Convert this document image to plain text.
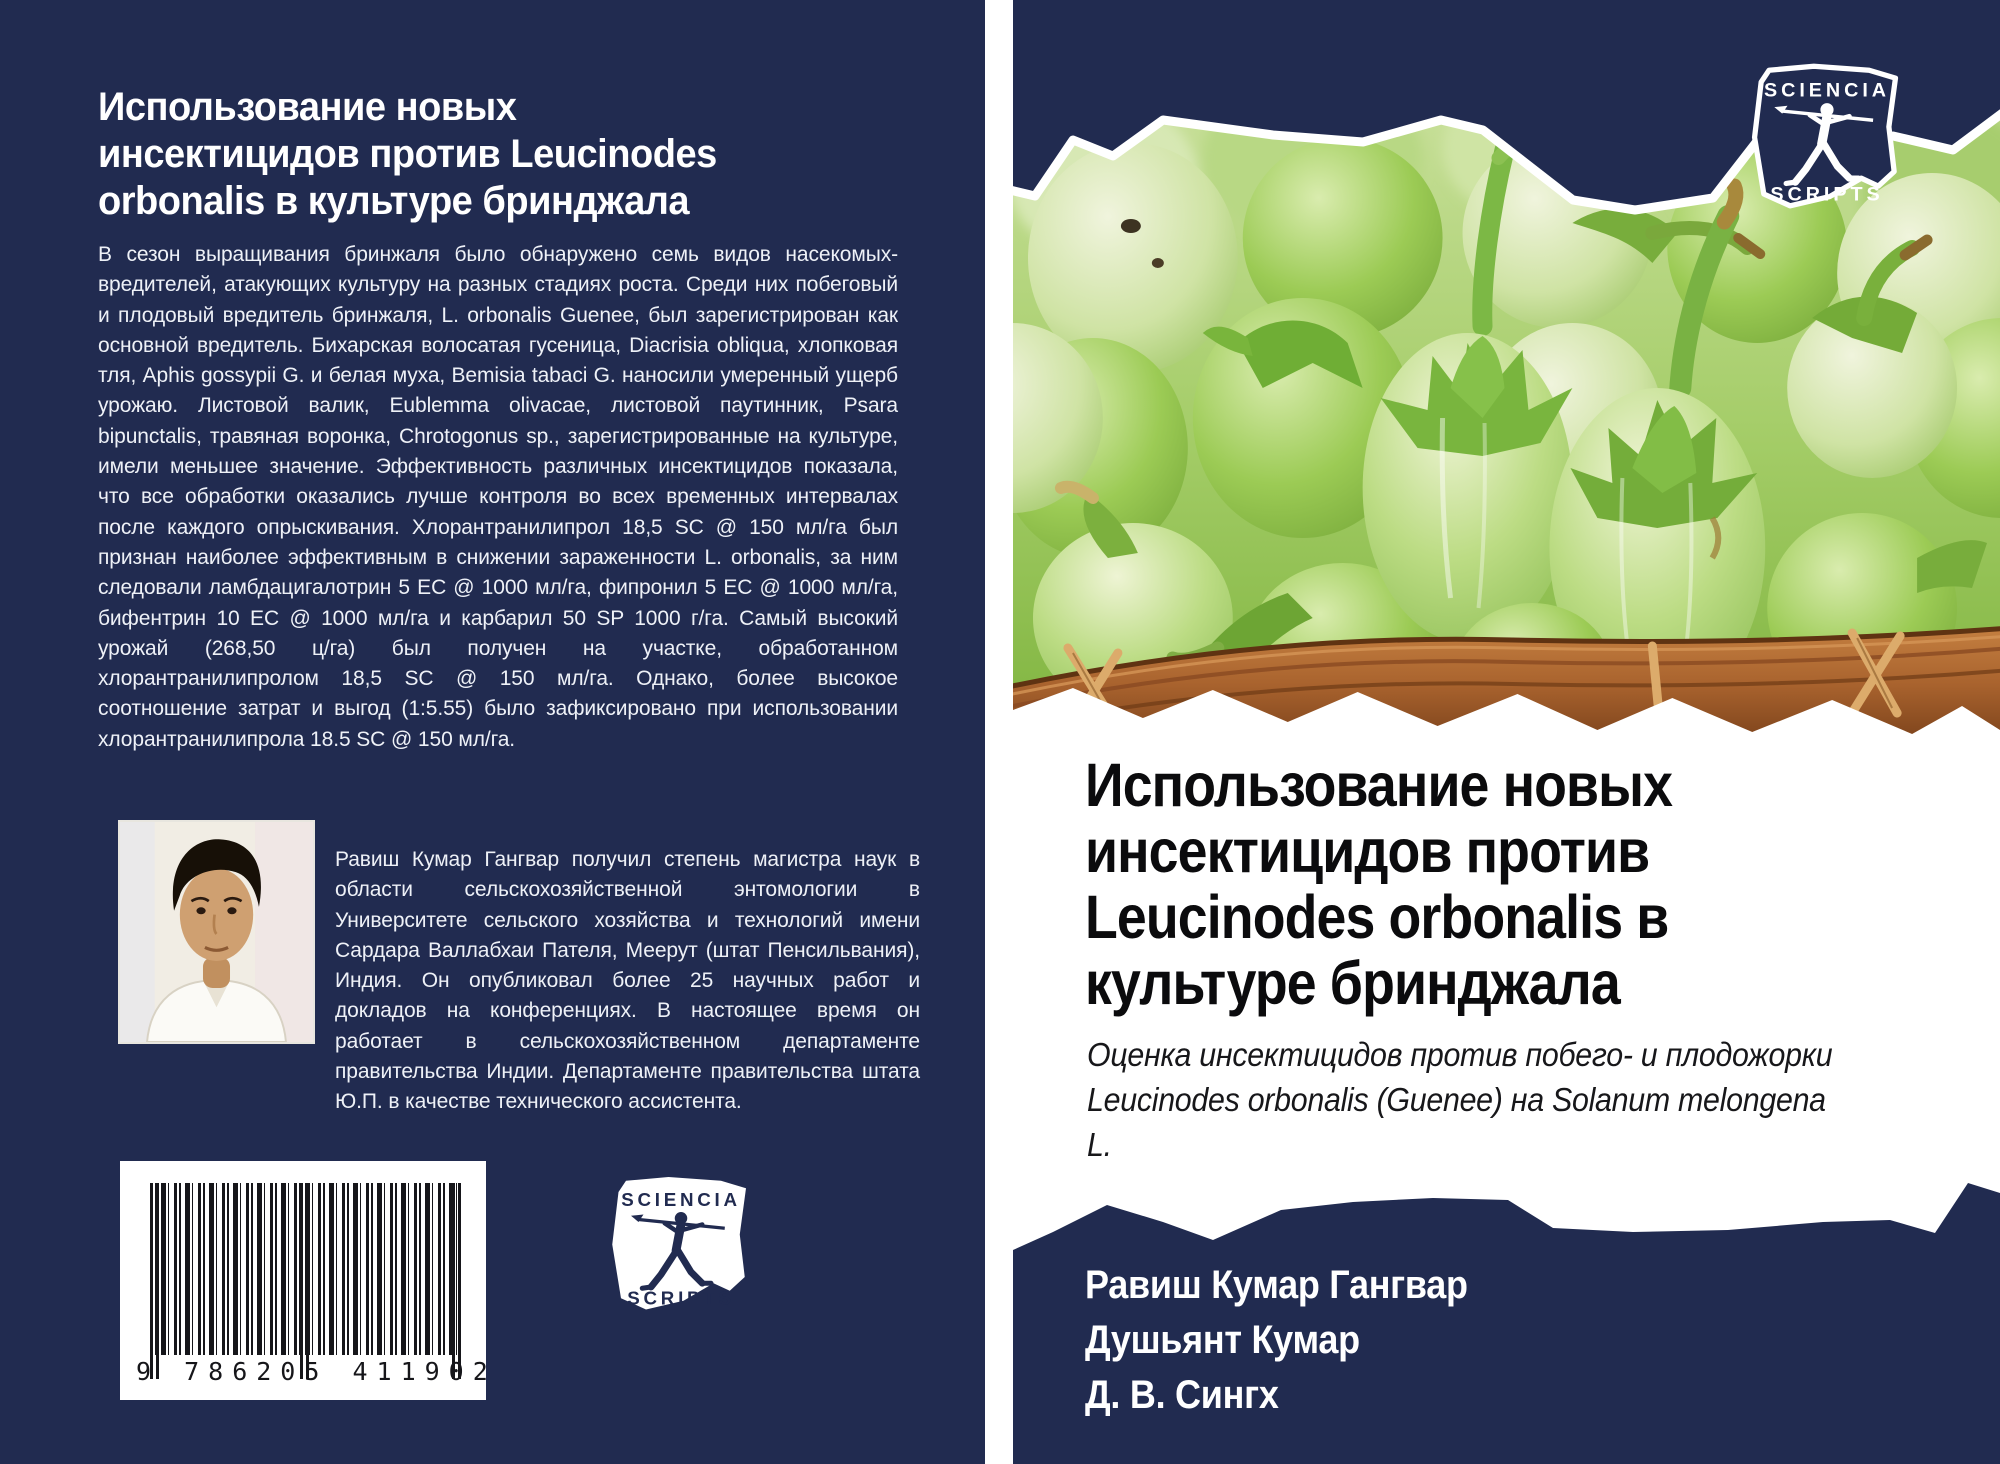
Использование новых
инсектицидов против Leucinodes
orbonalis в культуре бринджала
В сезон выращивания бринжаля было обнаружено семь видов насекомых-вредителей, атакующих культуру на разных стадиях роста. Среди них побеговый и плодовый вредитель бринжаля, L. orbonalis Guenee, был зарегистрирован как основной вредитель. Бихарская волосатая гусеница, Diacrisia obliqua, хлопковая тля, Aphis gossypii G. и белая муха, Bemisia tabaci G. наносили умеренный ущерб урожаю. Листовой валик, Eublemma olivacae, листовой паутинник, Psara bipunctalis, травяная воронка, Chrotogonus sp., зарегистрированные на культуре, имели меньшее значение. Эффективность различных инсектицидов показала, что все обработки оказались лучше контроля во всех временных интервалах после каждого опрыскивания. Хлорантранилипрол 18,5 SC @ 150 мл/га был признан наиболее эффективным в снижении зараженности L. orbonalis, за ним следовали ламбдацигалотрин 5 EC @ 1000 мл/га, фипронил 5 EC @ 1000 мл/га, бифентрин 10 EC @ 1000 мл/га и карбарил 50 SP 1000 г/га. Самый высокий урожай (268,50 ц/га) был получен на участке, обработанном хлорантранилипролом 18,5 SC @ 150 мл/га. Однако, более высокое соотношение затрат и выгод (1:5.55) было зафиксировано при использовании хлорантранилипрола 18.5 SC @ 150 мл/га.
Равиш Кумар Гангвар получил степень магистра наук в области сельскохозяйственной энтомологии в Университете сельского хозяйства и технологий имени Сардара Валлабхаи Пателя, Меерут (штат Пенсильвания), Индия. Он опубликовал более 25 научных работ и докладов на конференциях. В настоящее время он работает в сельскохозяйственном департаменте правительства Индии. Департаменте правительства штата Ю.П. в качестве технического ассистента.
9 786205 411902
SCIENCIA
SCRIPTS
SCIENCIA
SCRIPTS
Использование новых
инсектицидов против
Leucinodes orbonalis в
культуре бринджала
Оценка инсектицидов против побего- и плодожорки
Leucinodes orbonalis (Guenee) на Solanum melongena
L.
Равиш Кумар Гангвар
Душьянт Кумар
Д. В. Сингх
